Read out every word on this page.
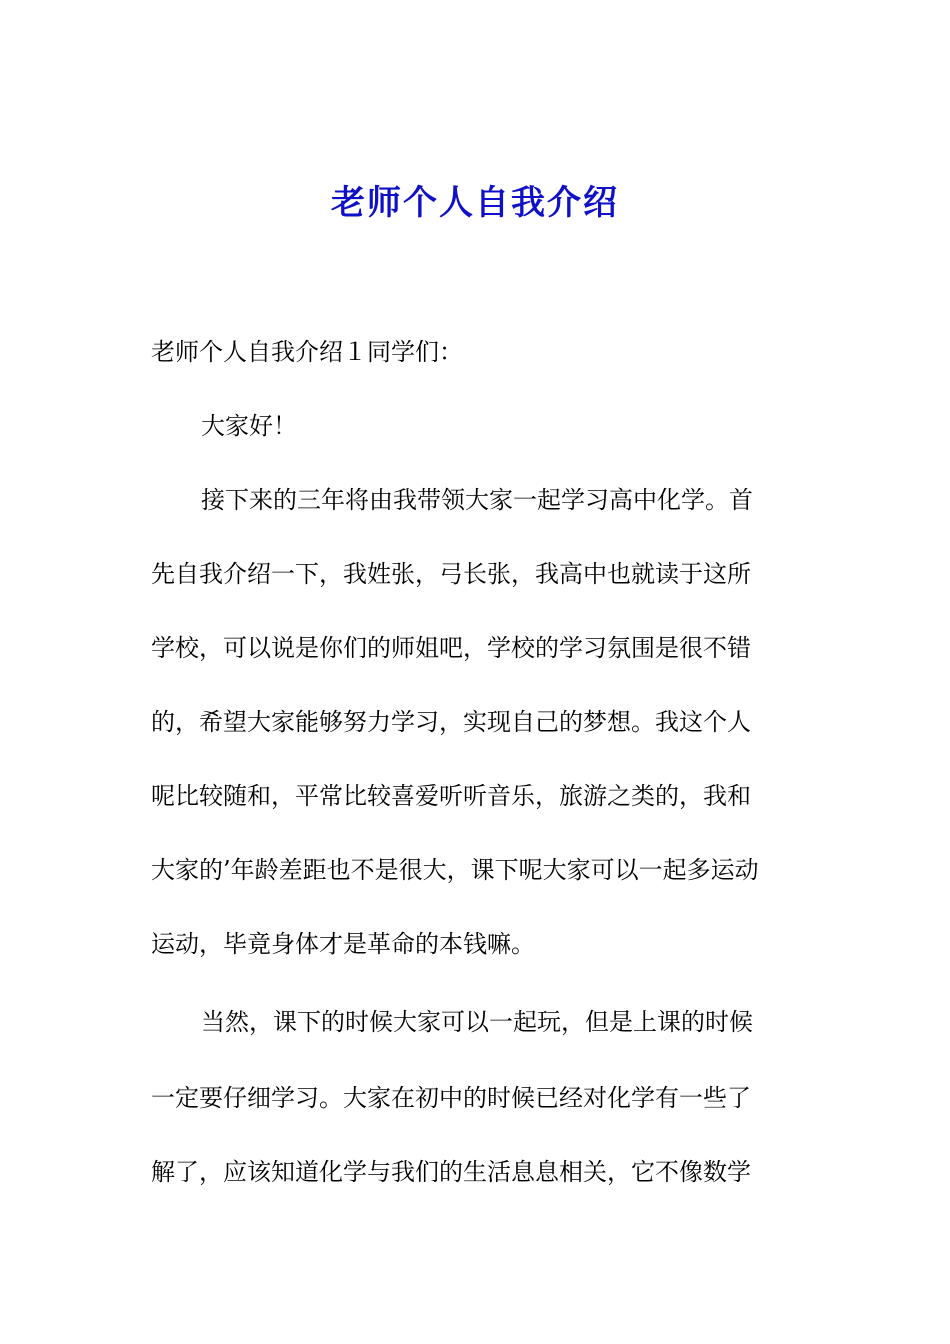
老师个人自我介绍

老师个人自我介绍１同学们：

大家好！

接下来的三年将由我带领大家一起学习高中化学。首

先自我介绍一下，我姓张，弓长张，我高中也就读于这所

学校，可以说是你们的师姐吧，学校的学习氛围是很不错

的，希望大家能够努力学习，实现自己的梦想。我这个人

呢比较随和，平常比较喜爱听听音乐，旅游之类的，我和

大家的’年龄差距也不是很大，课下呢大家可以一起多运动

运动，毕竟身体才是革命的本钱嘛。

当然，课下的时候大家可以一起玩，但是上课的时候

一定要仔细学习。大家在初中的时候已经对化学有一些了

解了，应该知道化学与我们的生活息息相关，它不像数学
